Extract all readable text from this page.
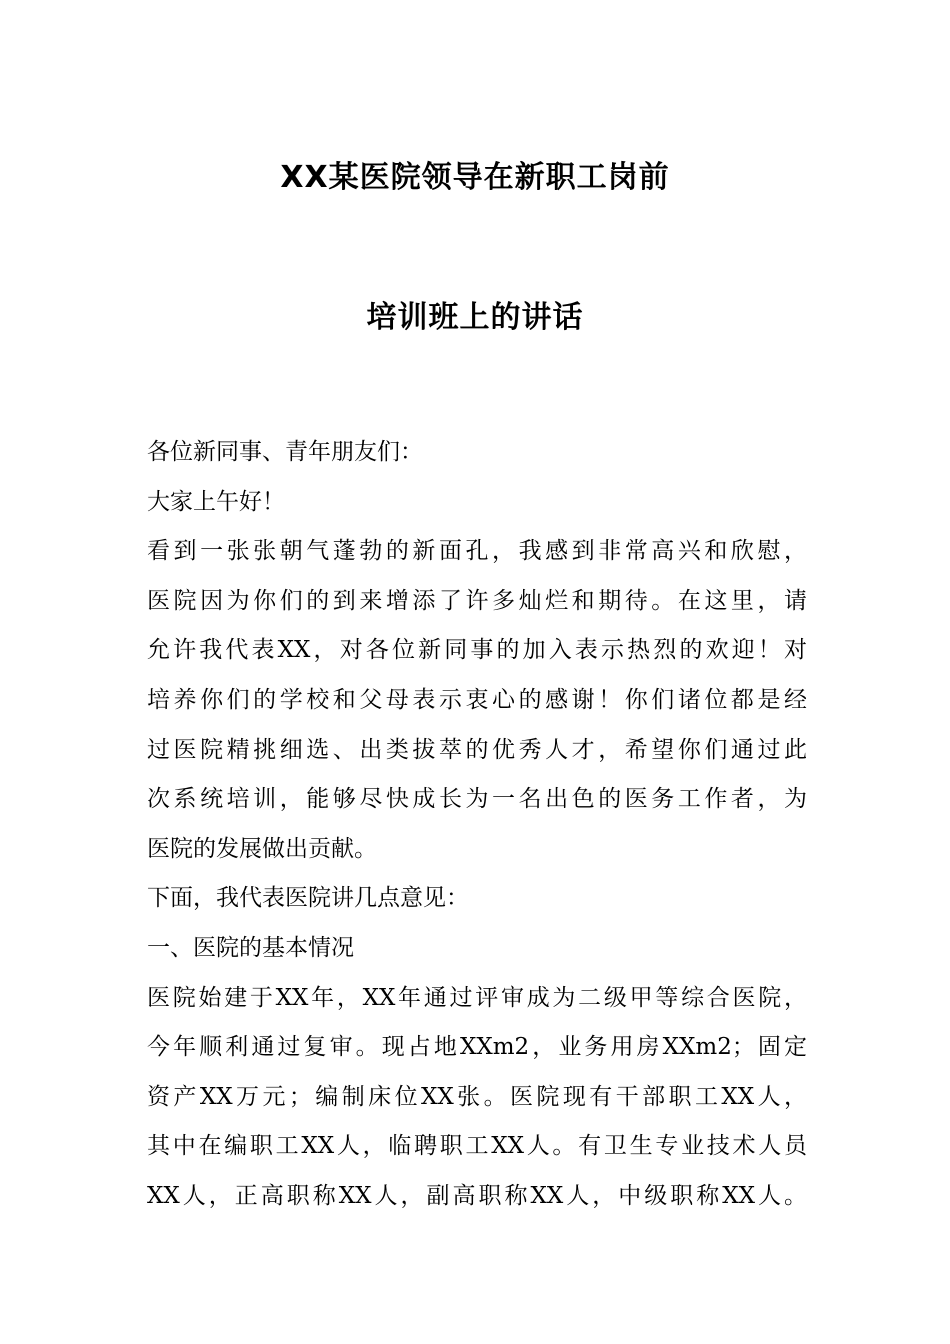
XX某医院领导在新职工岗前
培训班上的讲话
各位新同事、青年朋友们：
大家上午好！
看到一张张朝气蓬勃的新面孔，我感到非常高兴和欣慰，
医院因为你们的到来增添了许多灿烂和期待。在这里，请
允许我代表XX，对各位新同事的加入表示热烈的欢迎！对
培养你们的学校和父母表示衷心的感谢！你们诸位都是经
过医院精挑细选、出类拔萃的优秀人才，希望你们通过此
次系统培训，能够尽快成长为一名出色的医务工作者，为
医院的发展做出贡献。
下面，我代表医院讲几点意见：
一、医院的基本情况
医院始建于XX年，XX年通过评审成为二级甲等综合医院，
今年顺利通过复审。现占地XXm2，业务用房XXm2；固定
资产XX万元；编制床位XX张。医院现有干部职工XX人，
其中在编职工XX人，临聘职工XX人。有卫生专业技术人员
XX人，正高职称XX人，副高职称XX人，中级职称XX人。
